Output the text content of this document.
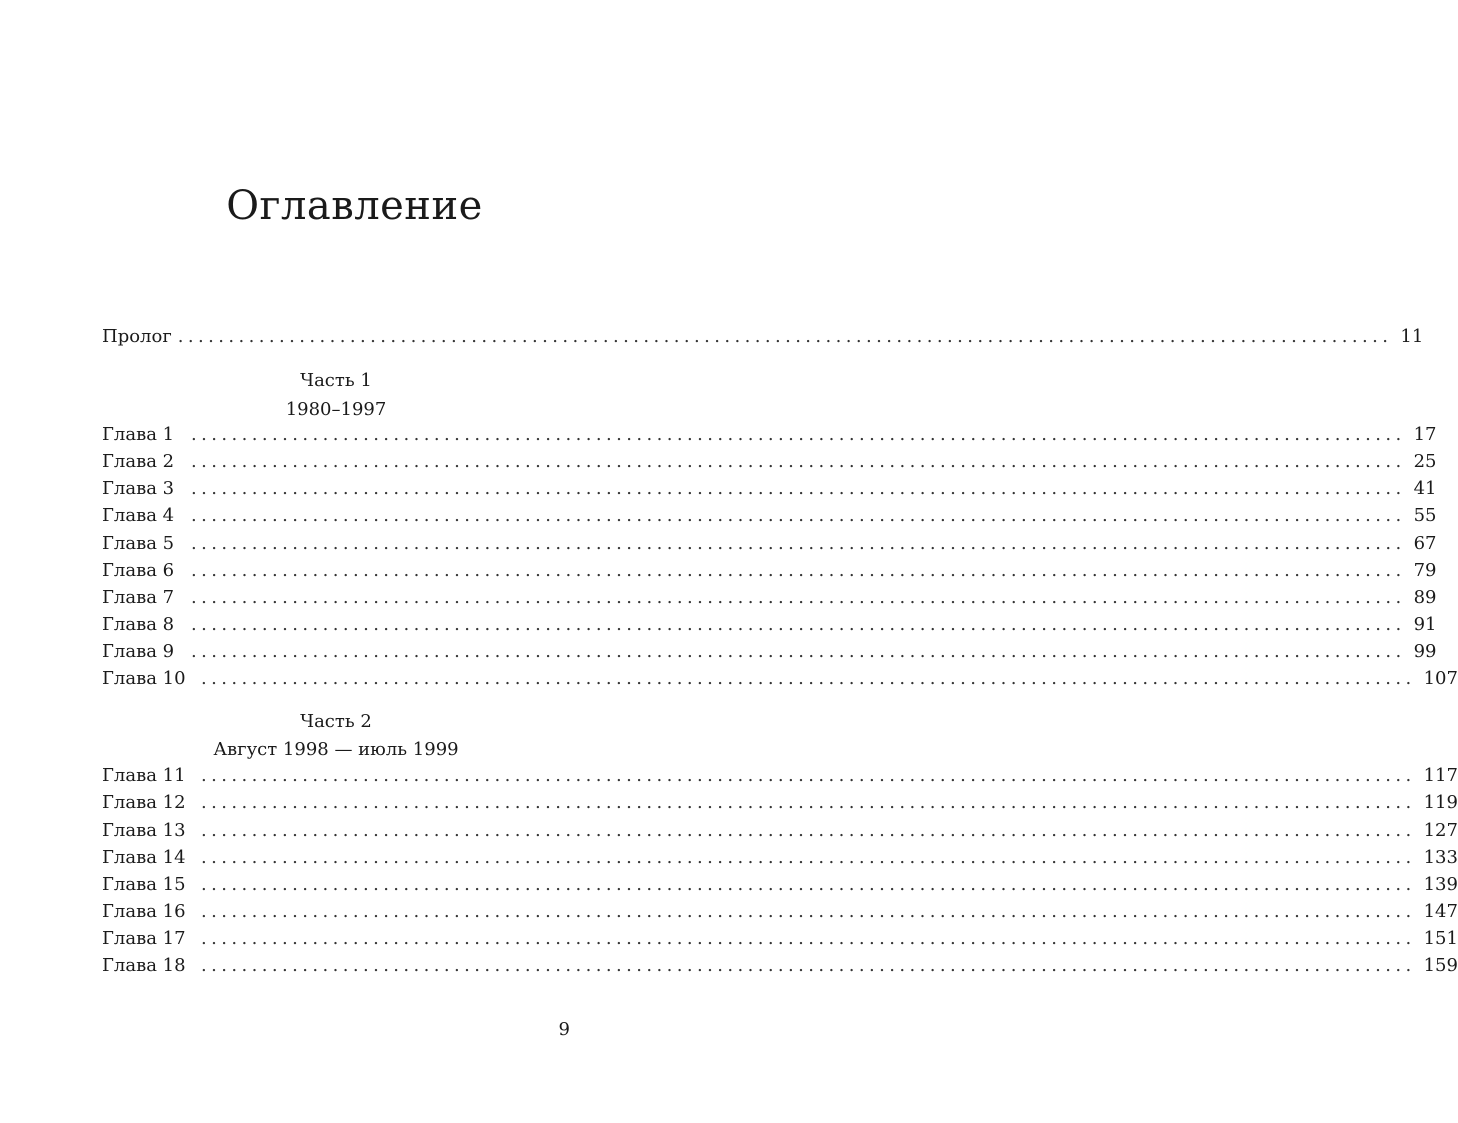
Оглавление
Пролог ........................................................................................................................ 11
Часть 1
1980–1997
Глава 1 ........................................................................................................................ 17
Глава 2 ........................................................................................................................ 25
Глава 3 ........................................................................................................................ 41
Глава 4 ........................................................................................................................ 55
Глава 5 ........................................................................................................................ 67
Глава 6 ........................................................................................................................ 79
Глава 7 ........................................................................................................................ 89
Глава 8 ........................................................................................................................ 91
Глава 9 ........................................................................................................................ 99
Глава 10 ........................................................................................................................ 107
Часть 2
Август 1998 — июль 1999
Глава 11 ........................................................................................................................ 117
Глава 12 ........................................................................................................................ 119
Глава 13 ........................................................................................................................ 127
Глава 14 ........................................................................................................................ 133
Глава 15 ........................................................................................................................ 139
Глава 16 ........................................................................................................................ 147
Глава 17 ........................................................................................................................ 151
Глава 18 ........................................................................................................................ 159
9
